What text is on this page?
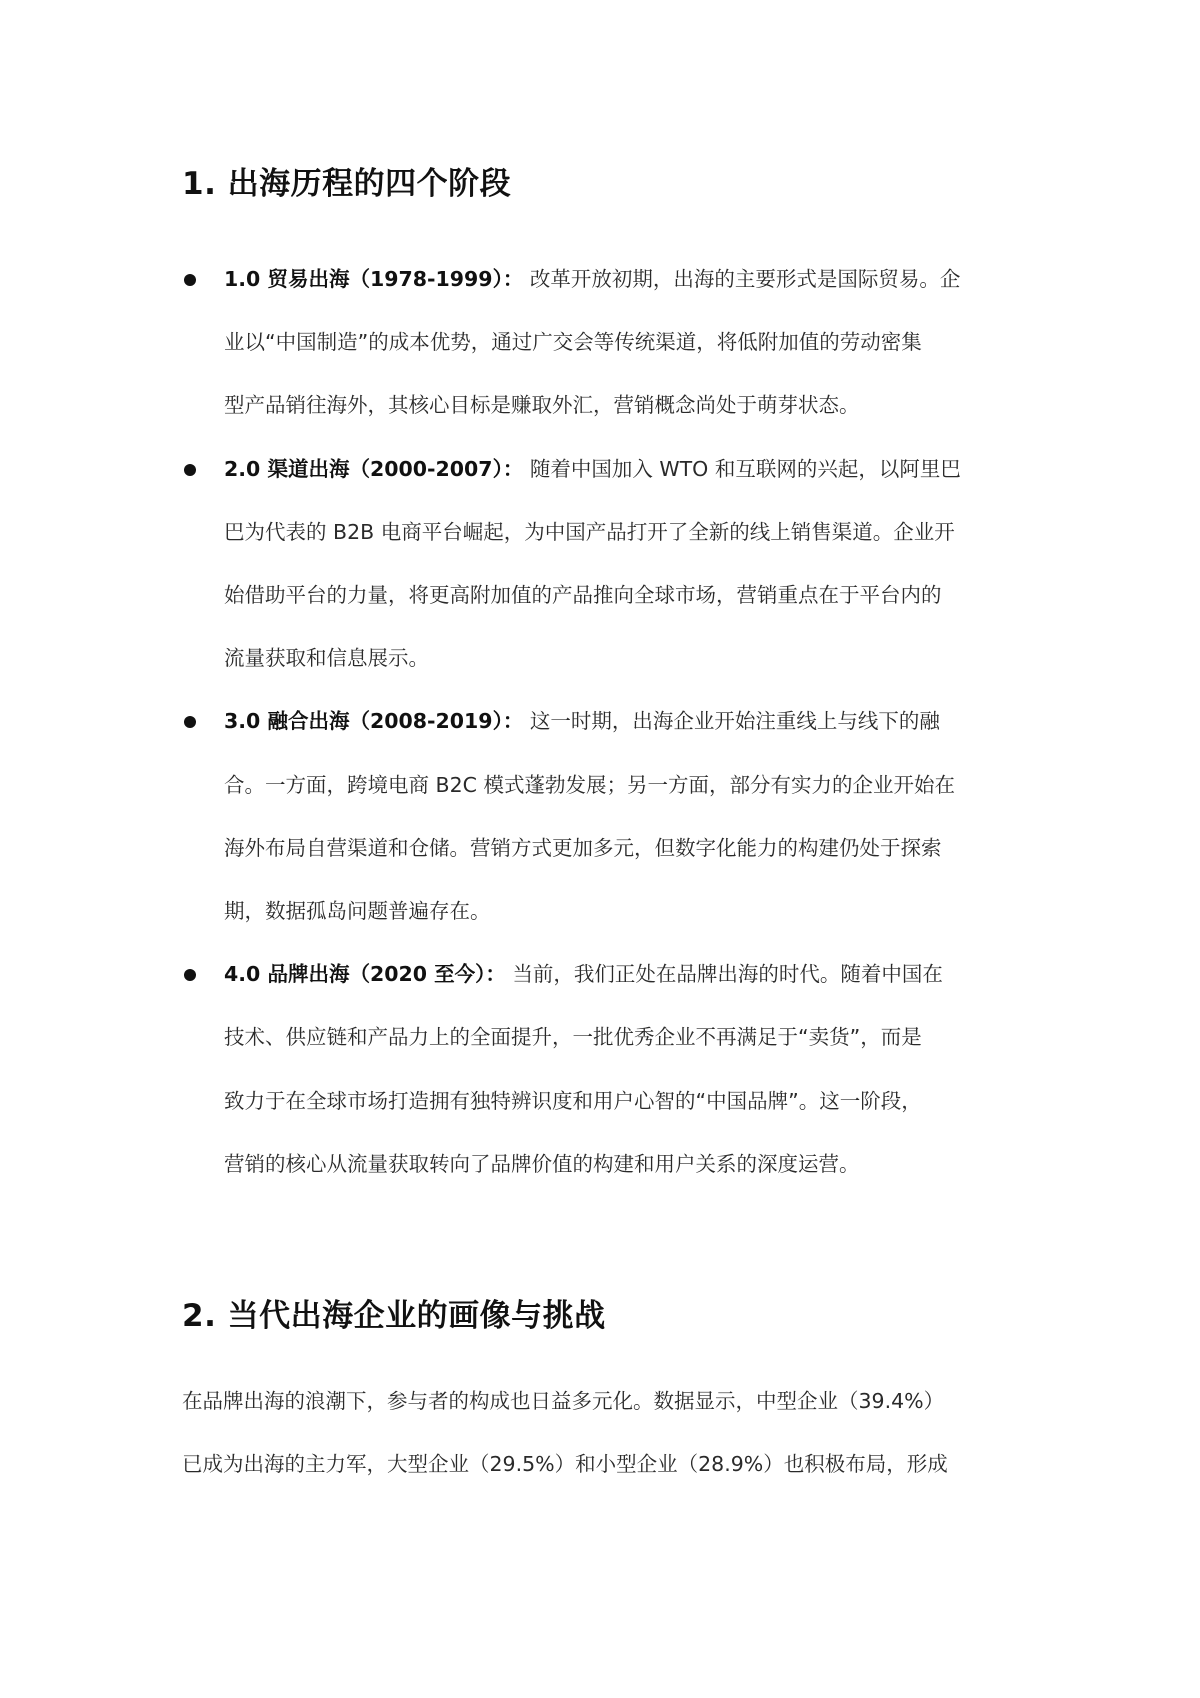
1. 出海历程的四个阶段
1.0 贸易出海（1978-1999）： 改革开放初期，出海的主要形式是国际贸易。企
业以“中国制造”的成本优势，通过广交会等传统渠道，将低附加值的劳动密集
型产品销往海外，其核心目标是赚取外汇，营销概念尚处于萌芽状态。
2.0 渠道出海（2000-2007）： 随着中国加入 WTO 和互联网的兴起，以阿里巴
巴为代表的 B2B 电商平台崛起，为中国产品打开了全新的线上销售渠道。企业开
始借助平台的力量，将更高附加值的产品推向全球市场，营销重点在于平台内的
流量获取和信息展示。
3.0 融合出海（2008-2019）： 这一时期，出海企业开始注重线上与线下的融
合。一方面，跨境电商 B2C 模式蓬勃发展；另一方面，部分有实力的企业开始在
海外布局自营渠道和仓储。营销方式更加多元，但数字化能力的构建仍处于探索
期，数据孤岛问题普遍存在。
4.0 品牌出海（2020 至今）： 当前，我们正处在品牌出海的时代。随着中国在
技术、供应链和产品力上的全面提升，一批优秀企业不再满足于“卖货”，而是
致力于在全球市场打造拥有独特辨识度和用户心智的“中国品牌”。这一阶段，
营销的核心从流量获取转向了品牌价值的构建和用户关系的深度运营。
2. 当代出海企业的画像与挑战

在品牌出海的浪潮下，参与者的构成也日益多元化。数据显示，中型企业（39.4%）
已成为出海的主力军，大型企业（29.5%）和小型企业（28.9%）也积极布局，形成
